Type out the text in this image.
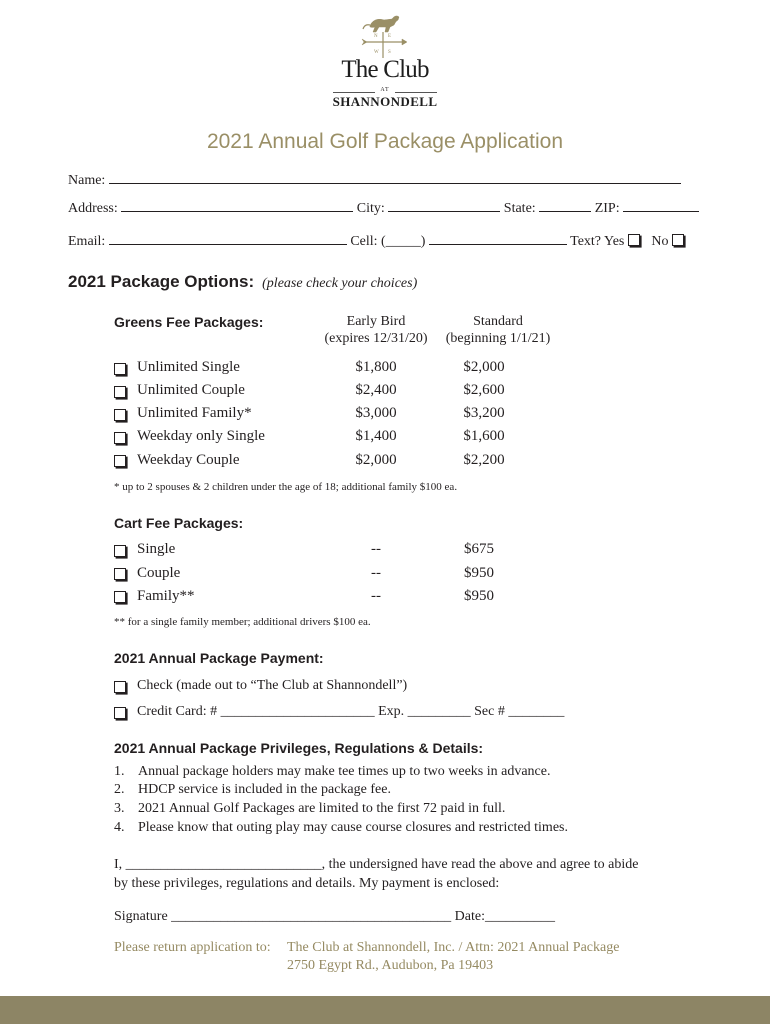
N E
W S
The Club
AT
SHANNONDELL
2021 Annual Golf Package Application
Name:
Address:	City:	State:	ZIP:
Email:	Cell: (_____)	Text? Yes No
2021 Package Options: (please check your choices)
Greens Fee Packages:	Early Bird
(expires 12/31/20)
Standard
(beginning 1/1/21)
Unlimited Single	$1,800	$2,000
Unlimited Couple	$2,400	$2,600
Unlimited Family*	$3,000	$3,200
Weekday only Single	$1,400	$1,600
Weekday Couple	$2,000	$2,200
* up to 2 spouses & 2 children under the age of 18; additional family $100 ea.
Cart Fee Packages:
Single	--	$675
Couple	--	$950
Family**	--	$950
** for a single family member; additional drivers $100 ea.
2021 Annual Package Payment:
Check (made out to “The Club at Shannondell”)
Credit Card: # ______________________ Exp. _________ Sec # ________
2021 Annual Package Privileges, Regulations & Details:
1. Annual package holders may make tee times up to two weeks in advance.
2. HDCP service is included in the package fee.
3. 2021 Annual Golf Packages are limited to the first 72 paid in full.
4. Please know that outing play may cause course closures and restricted times.
I, ____________________________, the undersigned have read the above and agree to abide
by these privileges, regulations and details. My payment is enclosed:
Signature ________________________________________ Date:__________
Please return application to: The Club at Shannondell, Inc. / Attn: 2021 Annual Package
2750 Egypt Rd., Audubon, Pa 19403
